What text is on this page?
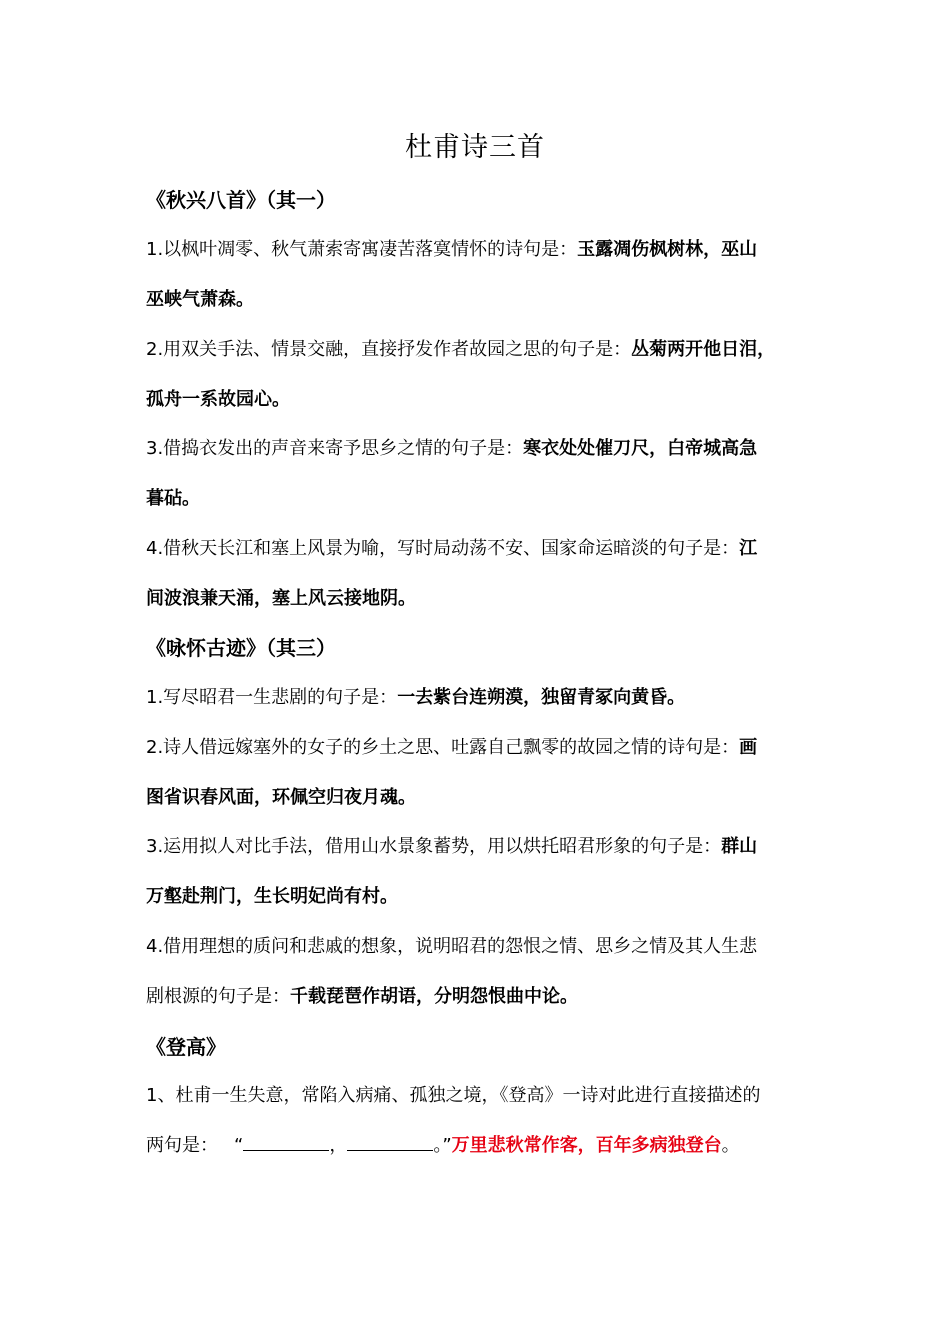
杜甫诗三首
《秋兴八首》（其一）
1.以枫叶凋零、秋气萧索寄寓凄苦落寞情怀的诗句是：玉露凋伤枫树林，巫山
巫峡气萧森。
2.用双关手法、情景交融，直接抒发作者故园之思的句子是：丛菊两开他日泪，
孤舟一系故园心。
3.借捣衣发出的声音来寄予思乡之情的句子是：寒衣处处催刀尺，白帝城高急
暮砧。
4.借秋天长江和塞上风景为喻，写时局动荡不安、国家命运暗淡的句子是：江
间波浪兼天涌，塞上风云接地阴。
《咏怀古迹》（其三）
1.写尽昭君一生悲剧的句子是：一去紫台连朔漠，独留青冢向黄昏。
2.诗人借远嫁塞外的女子的乡土之思、吐露自己飘零的故园之情的诗句是：画
图省识春风面，环佩空归夜月魂。
3.运用拟人对比手法，借用山水景象蓄势，用以烘托昭君形象的句子是：群山
万壑赴荆门，生长明妃尚有村。
4.借用理想的质问和悲戚的想象，说明昭君的怨恨之情、思乡之情及其人生悲
剧根源的句子是：千载琵琶作胡语，分明怨恨曲中论。
《登高》
1、杜甫一生失意，常陷入病痛、孤独之境，《登高》一诗对此进行直接描述的
两句是： “	，	。”万里悲秋常作客，百年多病独登台。
